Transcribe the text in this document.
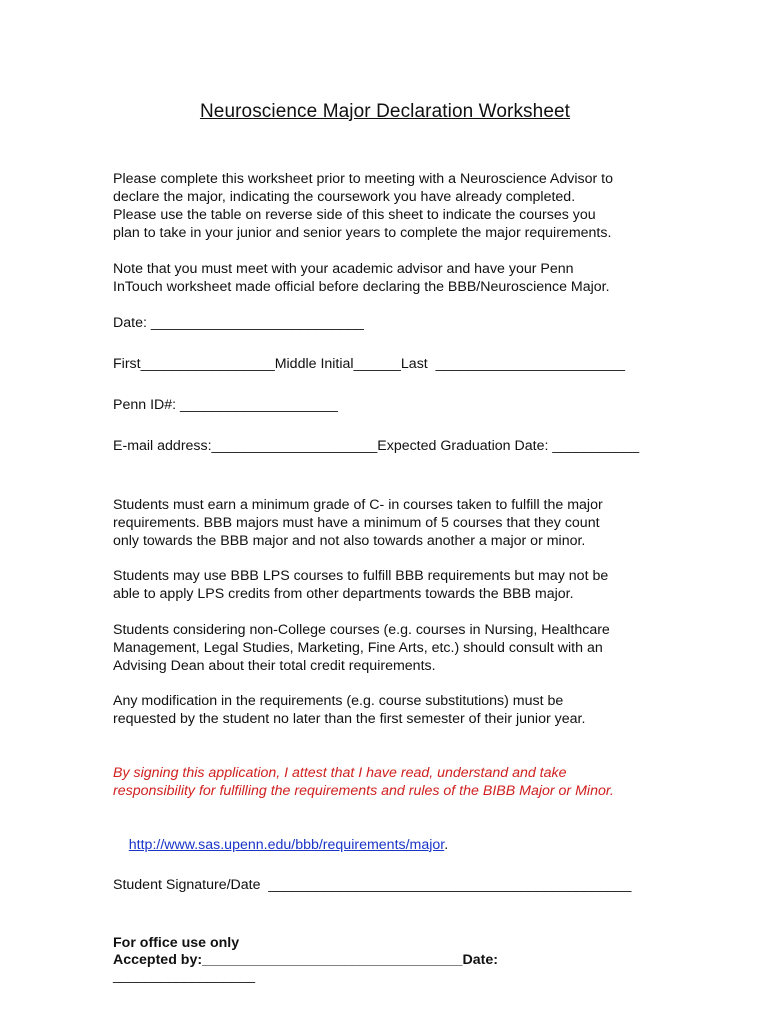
Neuroscience Major Declaration Worksheet

Please complete this worksheet prior to meeting with a Neuroscience Advisor to
declare the major, indicating the coursework you have already completed.
Please use the table on reverse side of this sheet to indicate the courses you
plan to take in your junior and senior years to complete the major requirements.

Note that you must meet with your academic advisor and have your Penn
InTouch worksheet made official before declaring the BBB/Neuroscience Major.

Date: ___________________________
First_________________Middle Initial______Last  ________________________
Penn ID#: ____________________
E-mail address:_____________________Expected Graduation Date: ___________

Students must earn a minimum grade of C- in courses taken to fulfill the major
requirements. BBB majors must have a minimum of 5 courses that they count
only towards the BBB major and not also towards another a major or minor.

Students may use BBB LPS courses to fulfill BBB requirements but may not be
able to apply LPS credits from other departments towards the BBB major.

Students considering non-College courses (e.g. courses in Nursing, Healthcare
Management, Legal Studies, Marketing, Fine Arts, etc.) should consult with an
Advising Dean about their total credit requirements.

Any modification in the requirements (e.g. course substitutions) must be
requested by the student no later than the first semester of their junior year.

By signing this application, I attest that I have read, understand and take
responsibility for fulfilling the requirements and rules of the BIBB Major or Minor.

http://www.sas.upenn.edu/bbb/requirements/major.

Student Signature/Date  ______________________________________________
For office use only
Accepted by:_________________________________Date:
__________________
